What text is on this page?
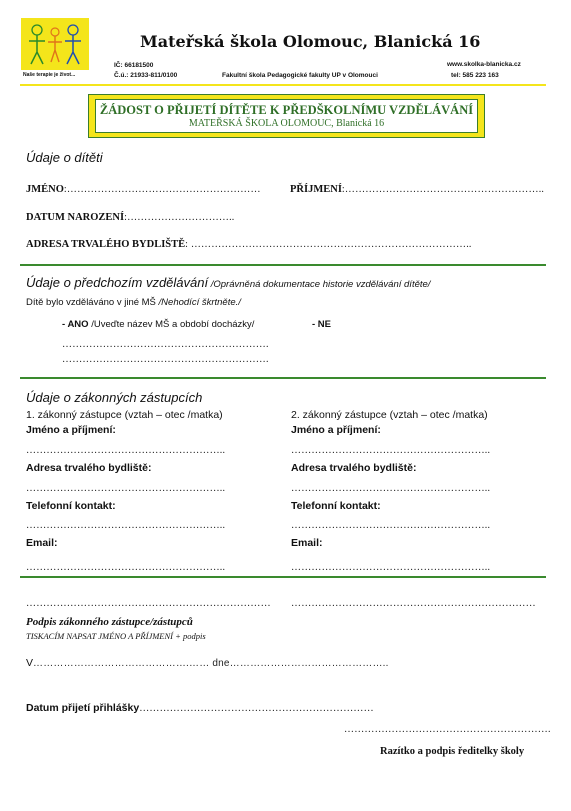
Naše terapie je život...
Mateřská škola Olomouc, Blanická 16
IČ: 66181500
Č.ú.: 21933-811/0100	Fakultní škola Pedagogické fakulty UP v Olomouci
www.skolka-blanicka.cz
tel: 585 223 163
ŽÁDOST O PŘIJETÍ DÍTĚTE K PŘEDŠKOLNÍMU VZDĚLÁVÁNÍ
MATEŘSKÁ ŠKOLA OLOMOUC, Blanická 16
Údaje o dítěti
JMÉNO:…………………………………………………	PŘÍJMENÍ:…………………………………………………..
DATUM NAROZENÍ:…………………………..
ADRESA TRVALÉHO BYDLIŠTĚ: ………………………………………………………………………..
Údaje o předchozím vzdělávání /Oprávněná dokumentace historie vzdělávání dítěte/
Dítě bylo vzděláváno v jiné MŠ /Nehodící škrtněte./
- ANO /Uveďte název MŠ a období docházky/	- NE
…………………………………………………….
…………………………………………………….
Údaje o zákonných zástupcích
1. zákonný zástupce (vztah – otec /matka)	2. zákonný zástupce (vztah – otec /matka)
Jméno a příjmení:	Jméno a příjmení:
…………………………………………………..	…………………………………………………..
Adresa trvalého bydliště:	Adresa trvalého bydliště:
…………………………………………………..	…………………………………………………..
Telefonní kontakt:	Telefonní kontakt:
…………………………………………………..	…………………………………………………..
Email:	Email:
…………………………………………………..	…………………………………………………..
……………………………………………………………… ………………………………………………………………
Podpis zákonného zástupce/zástupců
TISKACÍM NAPSAT JMÉNO A PŘÍJMENÍ + podpis
V……………………………………….…… dne………………………………………..
Datum přijetí přihlášky……………………………………………………………
…………………………………………………….
Razítko a podpis ředitelky školy
